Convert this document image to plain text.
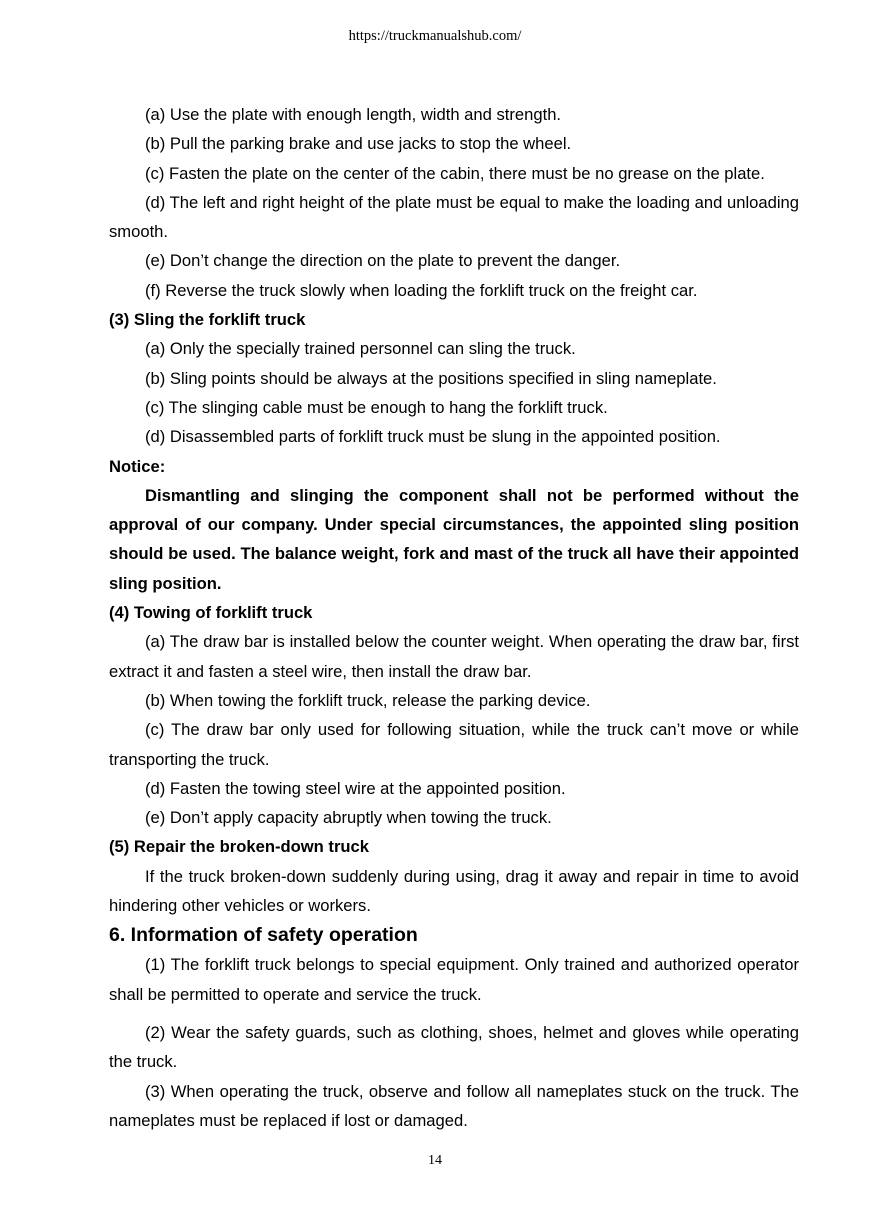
https://truckmanualshub.com/

(a) Use the plate with enough length, width and strength.

(b) Pull the parking brake and use jacks to stop the wheel.

(c) Fasten the plate on the center of the cabin, there must be no grease on the plate.

(d) The left and right height of the plate must be equal to make the loading and unloading smooth.

(e) Don’t change the direction on the plate to prevent the danger.

(f) Reverse the truck slowly when loading the forklift truck on the freight car.

(3) Sling the forklift truck

(a) Only the specially trained personnel can sling the truck.

(b) Sling points should be always at the positions specified in sling nameplate.

(c) The slinging cable must be enough to hang the forklift truck.

(d) Disassembled parts of forklift truck must be slung in the appointed position.

Notice:

Dismantling and slinging the component shall not be performed without the approval of our company. Under special circumstances, the appointed sling position should be used. The balance weight, fork and mast of the truck all have their appointed sling position.

(4) Towing of forklift truck

(a) The draw bar is installed below the counter weight. When operating the draw bar, first extract it and fasten a steel wire, then install the draw bar.

(b) When towing the forklift truck, release the parking device.

(c) The draw bar only used for following situation, while the truck can’t move or while transporting the truck.

(d) Fasten the towing steel wire at the appointed position.

(e) Don’t apply capacity abruptly when towing the truck.

(5) Repair the broken-down truck

If the truck broken-down suddenly during using, drag it away and repair in time to avoid hindering other vehicles or workers.

6. Information of safety operation

(1) The forklift truck belongs to special equipment. Only trained and authorized operator shall be permitted to operate and service the truck.

(2) Wear the safety guards, such as clothing, shoes, helmet and gloves while operating the truck.

(3) When operating the truck, observe and follow all nameplates stuck on the truck. The nameplates must be replaced if lost or damaged.

14
